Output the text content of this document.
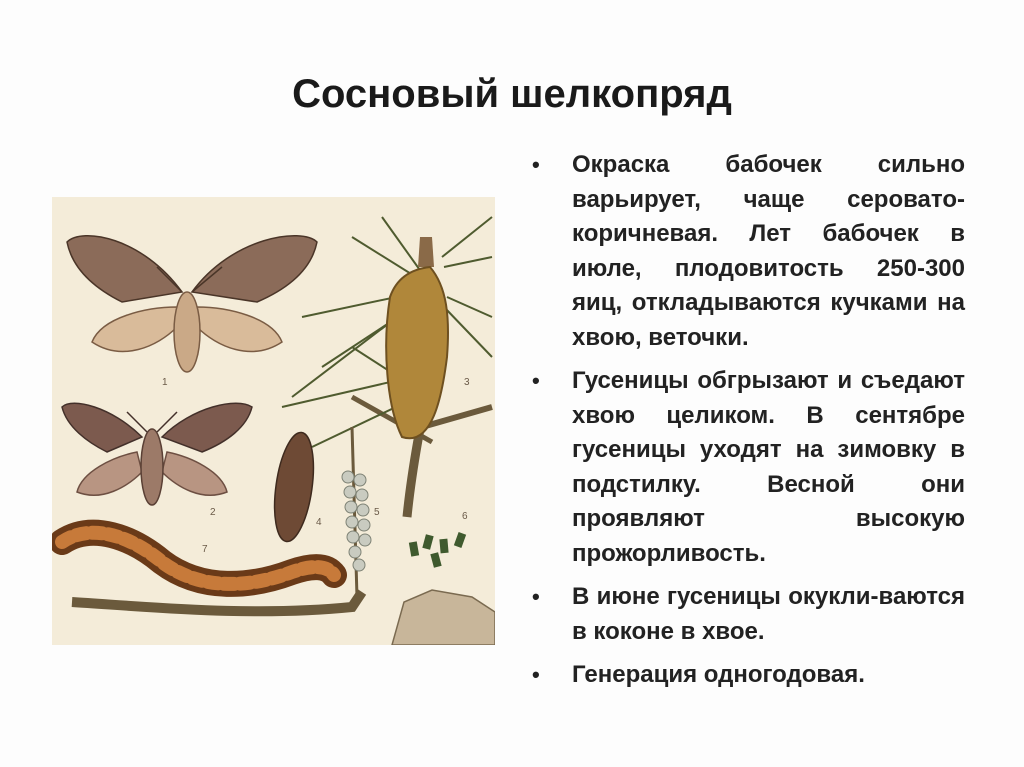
Сосновый шелкопряд
1
2
3
4
5	6
7
• Окраска бабочек сильно варьирует, чаще серовато-коричневая. Лет бабочек в июле, плодовитость 250-300 яиц, откладываются кучками на хвою, веточки.
• Гусеницы обгрызают и съедают хвою целиком. В сентябре гусеницы уходят на зимовку в подстилку. Весной они проявляют высокую прожорливость.
• В июне гусеницы окукли-ваются в коконе в хвое.
• Генерация одногодовая.
